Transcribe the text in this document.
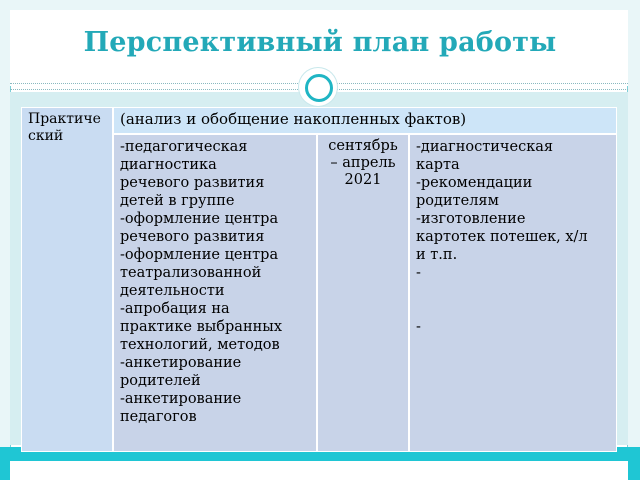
Перспективный план работы
Практический
(анализ и обобщение накопленных фактов)
-педагогическая
диагностика
речевого развития
детей в группе
-оформление центра
речевого развития
-оформление центра
театрализованной
деятельности
-апробация на
практике выбранных
технологий, методов
-анкетирование
родителей
-анкетирование
педагогов
сентябрь
– апрель
2021
-диагностическая
карта
-рекомендации
родителям
-изготовление
картотек потешек, х/л
и т.п.
-

-
